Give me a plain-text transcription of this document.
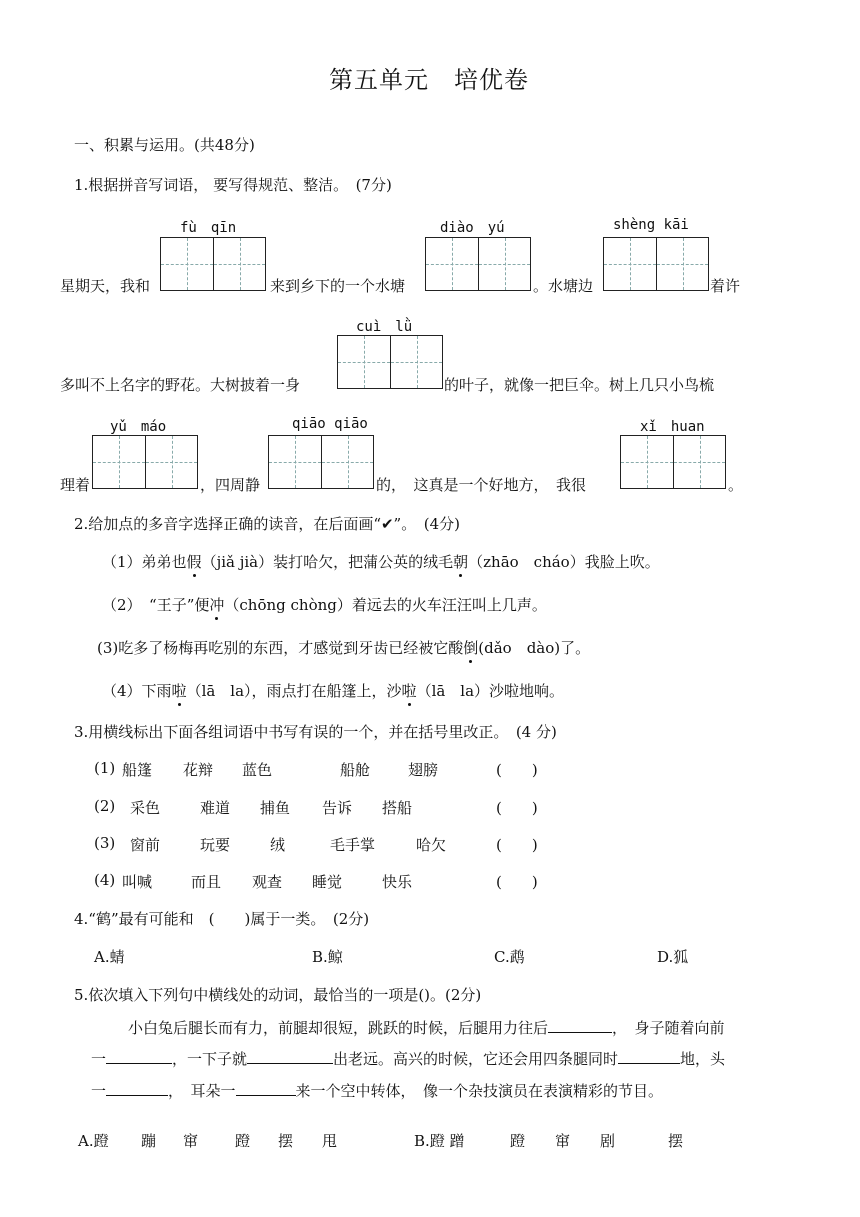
第五单元　培优卷
一、积累与运用。(共48分)
1.根据拼音写词语， 要写得规范、整洁。　(7分)
fù　qīn	diào　yú	shèng kāi
星期天，我和	来到乡下的一个水塘	。水塘边	着许
cuì　lǜ
多叫不上名字的野花。大树披着一身	的叶子，就像一把巨伞。树上几只小鸟梳
yǔ　máo	qiāo qiāo	xǐ　huan
理着	，四周静	的，　这真是一个好地方，　我很	。
2.给加点的多音字选择正确的读音，在后面画“✔”。　(4分)
（1）弟弟也假（jiǎ jià）装打哈欠，把蒲公英的绒毛朝（zhāo　cháo）我脸上吹。
（2）　“王子”便冲（chōng chòng）着远去的火车汪汪叫上几声。
(3)吃多了杨梅再吃别的东西，才感觉到牙齿已经被它酸倒(dǎo　dào)了。
（4）下雨啦（lā　la），雨点打在船篷上，沙啦（lā　la）沙啦地响。
3.用横线标出下面各组词语中书写有误的一个，并在括号里改正。　(4 分)
(1) 船篷 花辩 蓝色	船舱	翅膀	(　　)
(2) 采色	难道 捕鱼 告诉 搭船	(　　)
(3) 窗前	玩要	绒	毛手掌	哈欠	(　　)
(4) 叫喊	而且 观查 睡觉	快乐	(　　)
4.“鹤”最有可能和　(　　)属于一类。　(2分)
A.蜻	B.鲸	C.鹉	D.狐
5.依次填入下列句中横线处的动词，最恰当的一项是()。(2分)
小白兔后腿长而有力，前腿却很短，跳跃的时候，后腿用力往后	，　身子随着向前
一	，一下子就	出老远。高兴的时候，它还会用四条腿同时	地，头
一	，　耳朵一	来一个空中转体，　像一个杂技演员在表演精彩的节目。
A.蹬 蹦 窜 蹬 摆 甩	B.蹬 蹭	蹬 窜 剧	摆
